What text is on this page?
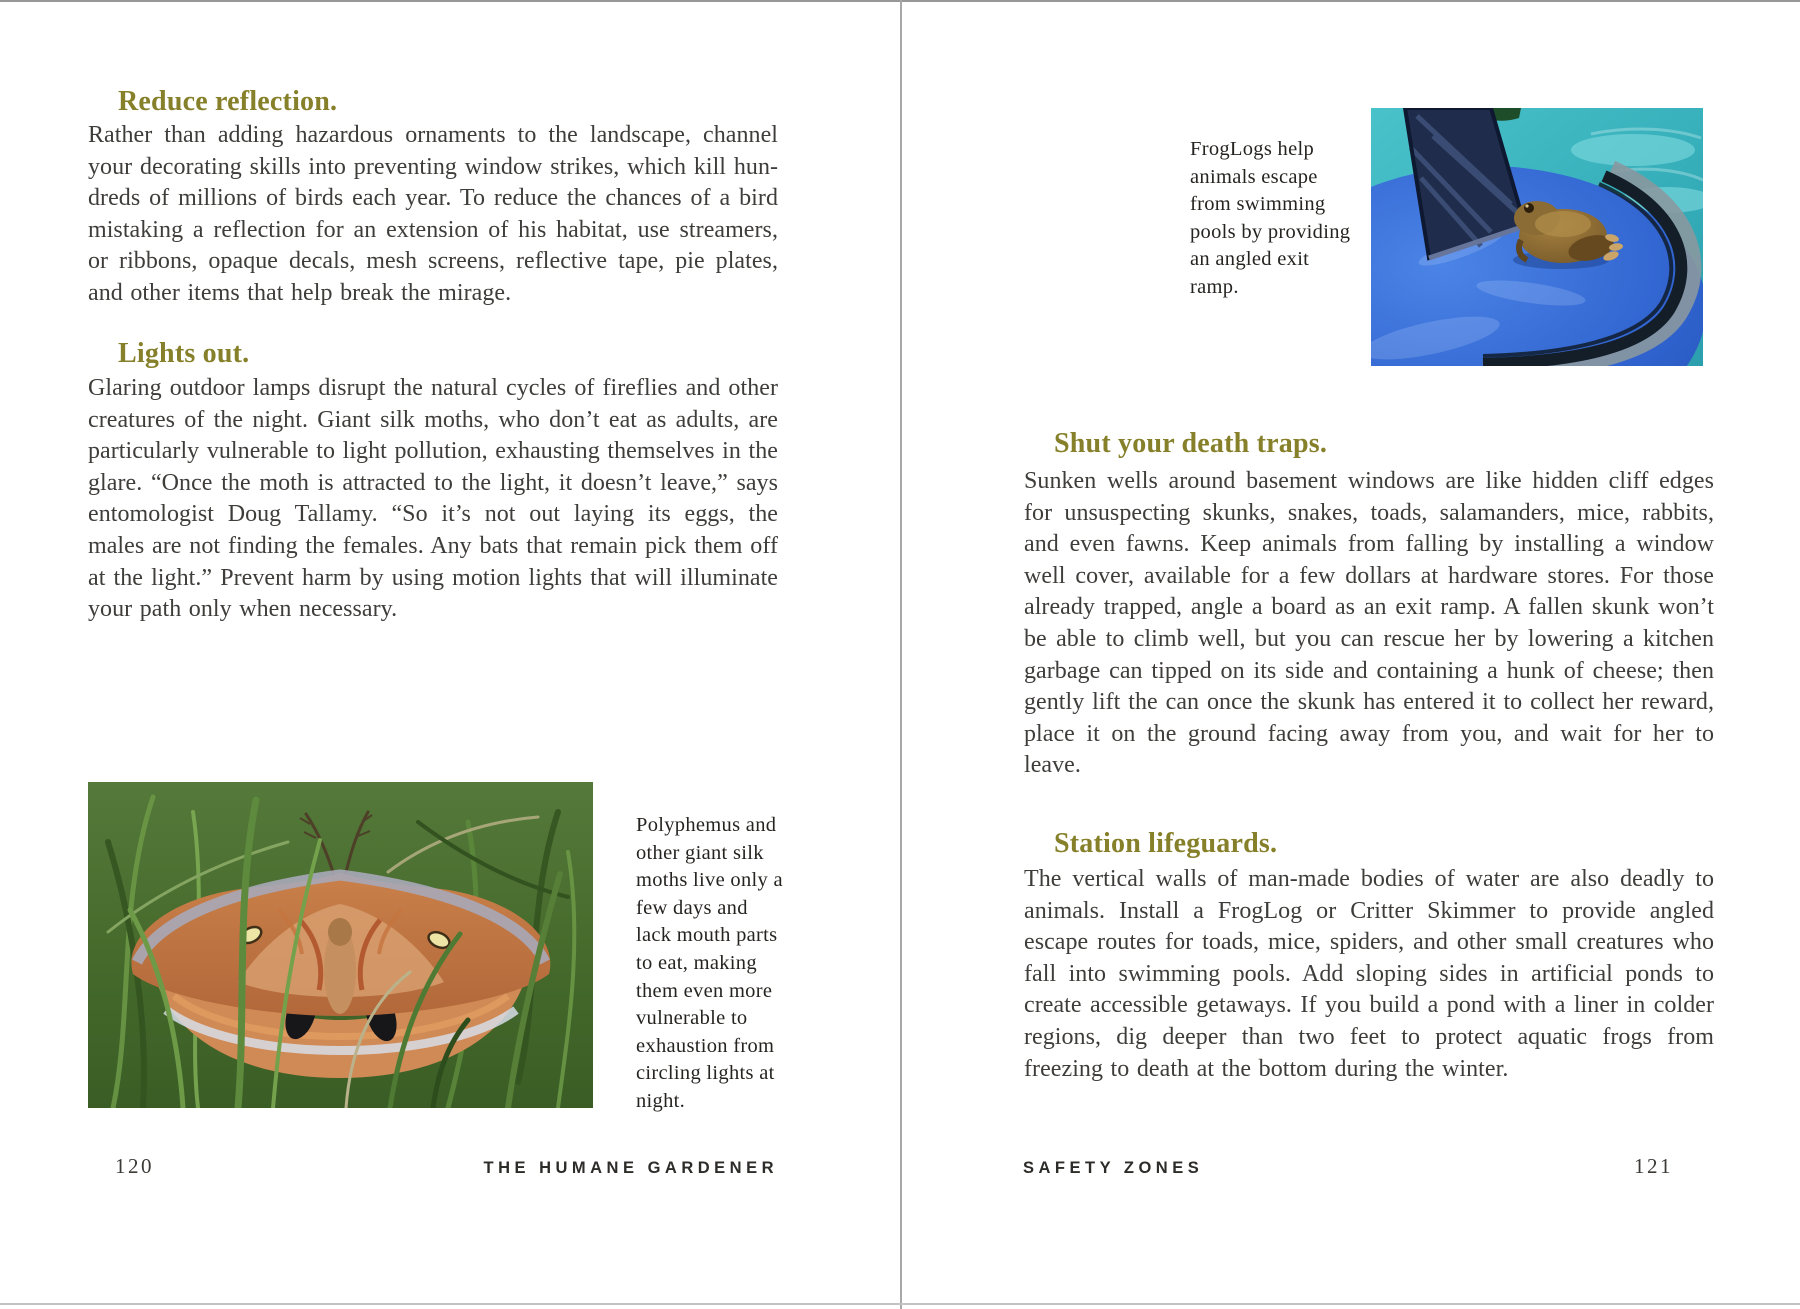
Reduce reflection.
Rather than adding hazardous ornaments to the landscape, channel your decorating skills into preventing window strikes, which kill hundreds of millions of birds each year. To reduce the chances of a bird mistaking a reflection for an extension of his habitat, use streamers, or ribbons, opaque decals, mesh screens, reflective tape, pie plates, and other items that help break the mirage.
Lights out.
Glaring outdoor lamps disrupt the natural cycles of fireflies and other creatures of the night. Giant silk moths, who don’t eat as adults, are particularly vulnerable to light pollution, exhausting themselves in the glare. “Once the moth is attracted to the light, it doesn’t leave,” says entomologist Doug Tallamy. “So it’s not out laying its eggs, the males are not finding the females. Any bats that remain pick them off at the light.” Prevent harm by using motion lights that will illuminate your path only when necessary.
Polyphemus and other giant silk moths live only a few days and lack mouth parts to eat, making them even more vulnerable to exhaustion from circling lights at night.
120	THE HUMANE GARDENER
FrogLogs help animals escape from swimming pools by providing an angled exit ramp.
Shut your death traps.
Sunken wells around basement windows are like hidden cliff edges for unsuspecting skunks, snakes, toads, salamanders, mice, rabbits, and even fawns. Keep animals from falling by installing a window well cover, available for a few dollars at hardware stores. For those already trapped, angle a board as an exit ramp. A fallen skunk won’t be able to climb well, but you can rescue her by lowering a kitchen garbage can tipped on its side and containing a hunk of cheese; then gently lift the can once the skunk has entered it to collect her reward, place it on the ground facing away from you, and wait for her to leave.
Station lifeguards.
The vertical walls of man-made bodies of water are also deadly to animals. Install a FrogLog or Critter Skimmer to provide angled escape routes for toads, mice, spiders, and other small creatures who fall into swimming pools. Add sloping sides in artificial ponds to create accessible getaways. If you build a pond with a liner in colder regions, dig deeper than two feet to protect aquatic frogs from freezing to death at the bottom during the winter.
SAFETY ZONES	121
